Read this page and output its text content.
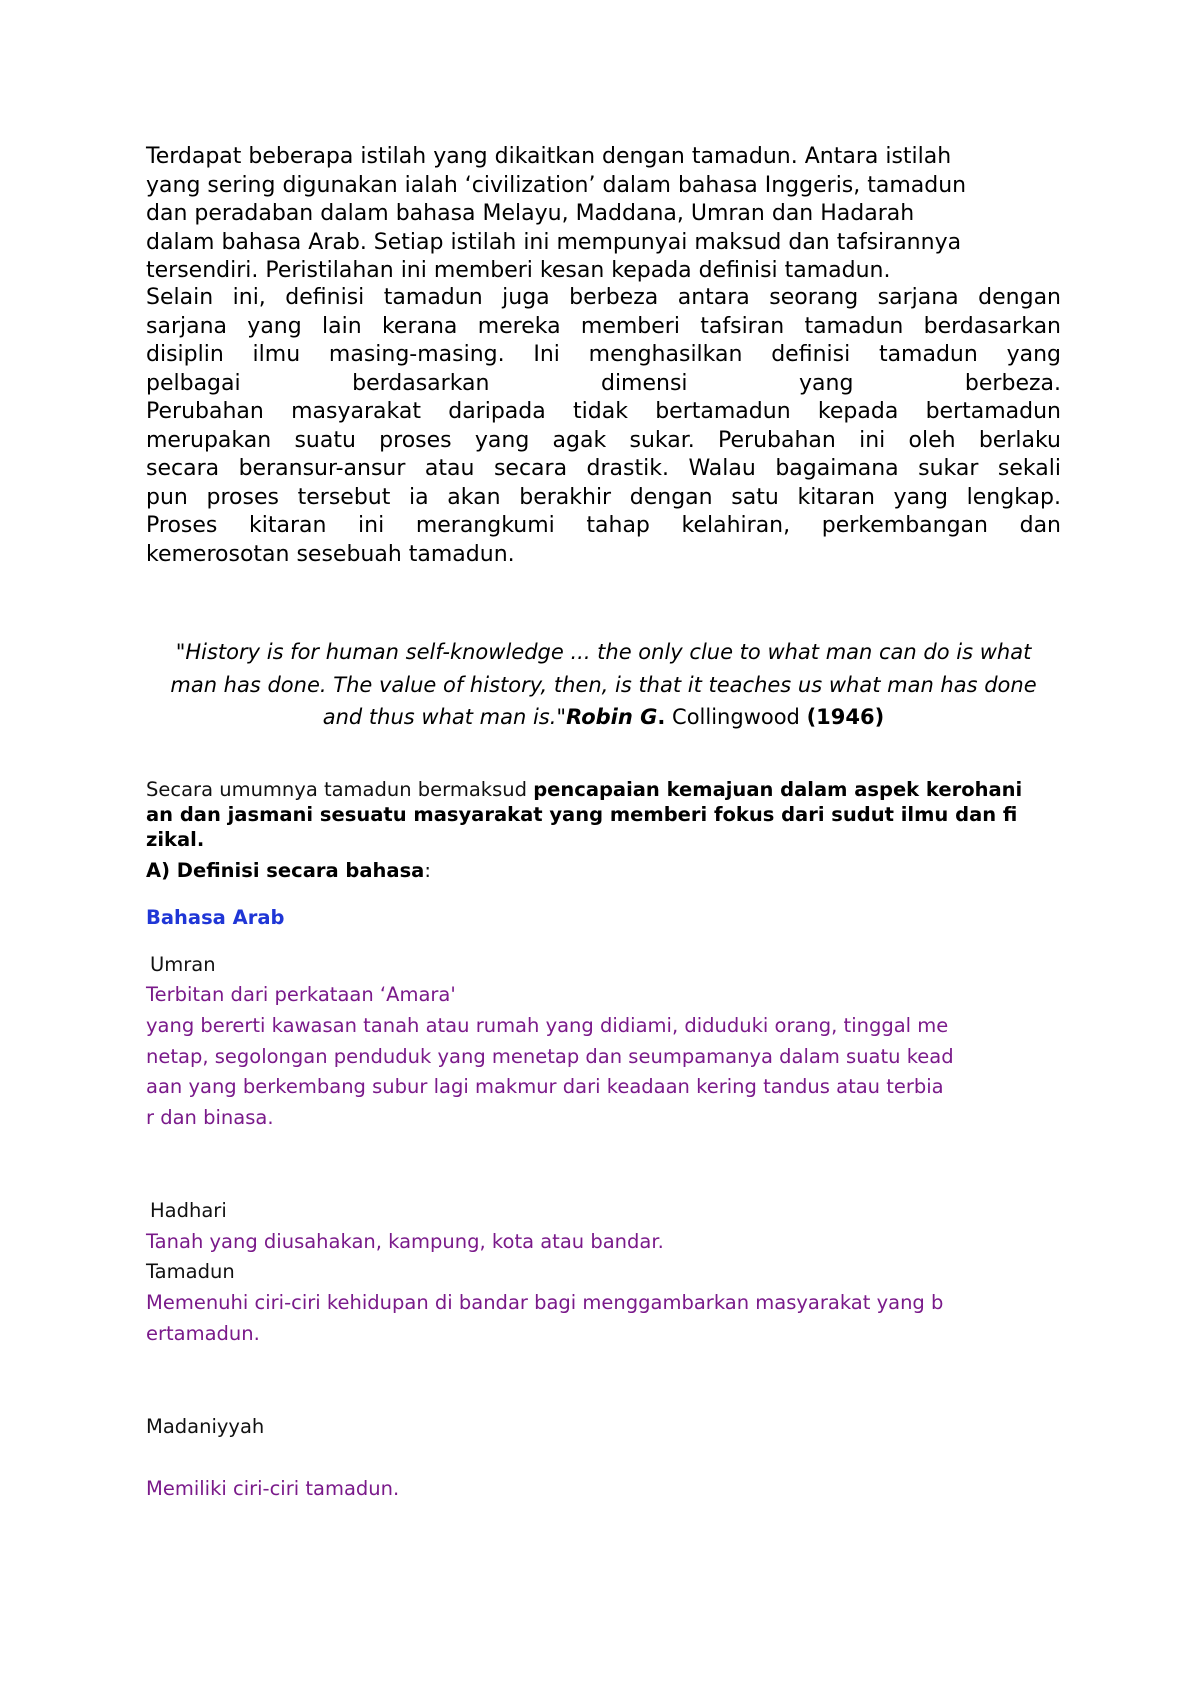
Terdapat beberapa istilah yang dikaitkan dengan tamadun. Antara istilah
yang sering digunakan ialah ‘civilization’ dalam bahasa Inggeris, tamadun
dan peradaban dalam bahasa Melayu, Maddana, Umran dan Hadarah
dalam bahasa Arab. Setiap istilah ini mempunyai maksud dan tafsirannya
tersendiri. Peristilahan ini memberi kesan kepada definisi tamadun.
Selain ini, definisi tamadun juga berbeza antara seorang sarjana dengan
sarjana yang lain kerana mereka memberi tafsiran tamadun berdasarkan
disiplin ilmu masing-masing. Ini menghasilkan definisi tamadun yang
pelbagai berdasarkan dimensi yang berbeza.
Perubahan masyarakat daripada tidak bertamadun kepada bertamadun
merupakan suatu proses yang agak sukar. Perubahan ini oleh berlaku
secara beransur-ansur atau secara drastik. Walau bagaimana sukar sekali
pun proses tersebut ia akan berakhir dengan satu kitaran yang lengkap.
Proses kitaran ini merangkumi tahap kelahiran, perkembangan dan
kemerosotan sesebuah tamadun.
"History is for human self-knowledge ... the only clue to what man can do is what
man has done. The value of history, then, is that it teaches us what man has done
and thus what man is."Robin G. Collingwood (1946)
Secara umumnya tamadun bermaksud pencapaian kemajuan dalam aspek kerohani
an dan jasmani sesuatu masyarakat yang memberi fokus dari sudut ilmu dan fi
zikal.
A) Definisi secara bahasa:
Bahasa Arab
Umran
Terbitan dari perkataan ‘Amara'
yang bererti kawasan tanah atau rumah yang didiami, diduduki orang, tinggal me
netap, segolongan penduduk yang menetap dan seumpamanya dalam suatu kead
aan yang berkembang subur lagi makmur dari keadaan kering tandus atau terbia
r dan binasa.
Hadhari
Tanah yang diusahakan, kampung, kota atau bandar.
Tamadun
Memenuhi ciri-ciri kehidupan di bandar bagi menggambarkan masyarakat yang b
ertamadun.
Madaniyyah
Memiliki ciri-ciri tamadun.
